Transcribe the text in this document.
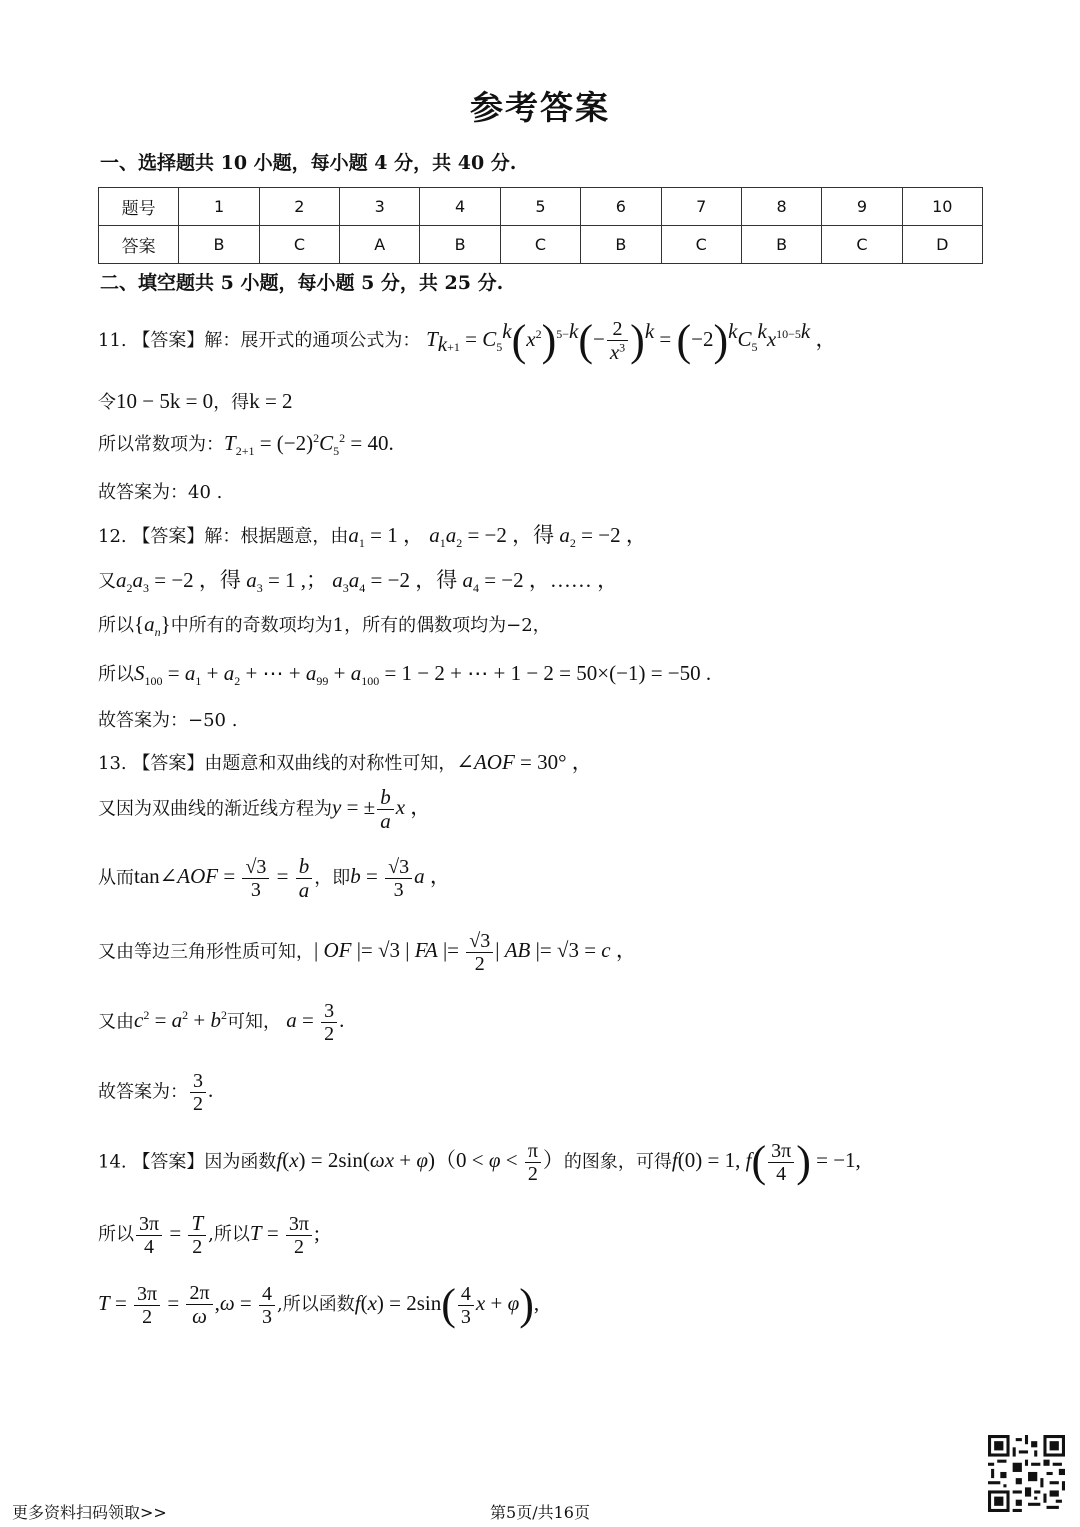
参考答案
一、选择题共 10 小题，每小题 4 分，共 40 分.
题号	1	2	3	4	5	6	7	8	9	10
答案	B	C	A	B	C	B	C	B	C	D
二、填空题共 5 小题，每小题 5 分，共 25 分.
11. 【答案】解：展开式的通项公式为： $T_{k+1} = C_5^k(x^2)^{5-k}(- \frac{2}{x^3} )^k = (-2)^kC_5^kx^{10-5k}$ ，
令10 − 5k = 0，得k = 2
所以常数项为：$T_{2+1} = (-2)^2C_5^2 = 40$.
故答案为：40 .
12. 【答案】解：根据题意，由$a_1 = 1$ ， $a_1a_2 = -2$ ，得 $a_2 = -2$ ，
又$a_2a_3 = -2$ ，得 $a_3 = 1$ ,； $a_3a_4 = -2$ ，得 $a_4 = -2$ ，…… ，
所以$\{a_n\}$中所有的奇数项均为1，所有的偶数项均为−2，
所以$S_{100} = a_1 + a_2$ + ⋯ + $a_{99} + a_{100} = 1 - 2$ + ⋯ + 1 − 2 = 50×(−1) = −50 .
故答案为：−50 .
13. 【答案】由题意和双曲线的对称性可知，∠AOF = 30° ，
又因为双曲线的渐近线方程为y = ± $\frac{b}{a}$ x ，
从而tan∠AOF = $\frac{√3}{3} = \frac{b}{a}$ ，即$b = \frac{√3}{3}$ a ，
又由等边三角形性质可知，| OF |= √3 | FA |= $\frac{√3}{2}$ | AB |= √3 = c ，
又由$c^2 = a^2 + b^2$可知， $a = \frac{3}{2}$ .
故答案为： $\frac{3}{2}$ .
14. 【答案】因为函数$f(x) = 2\sin(\omega x + \varphi)(0 < \varphi < \frac{\pi}{2}$ ）的图象，可得f(0) = 1, $f( \frac{3\pi}{4}$ ) = −1,
所以 $\frac{3\pi}{4} = \frac{T}{2}$ ,所以$T = \frac{3\pi}{2}$ ;
$T = \frac{3\pi}{2} = \frac{2\pi}{\omega} ,\omega = \frac{4}{3}$ ,所以函数$f(x) = 2\sin( \frac{4}{3}$ x + φ),
更多资料扫码领取>>	第5页/共16页
